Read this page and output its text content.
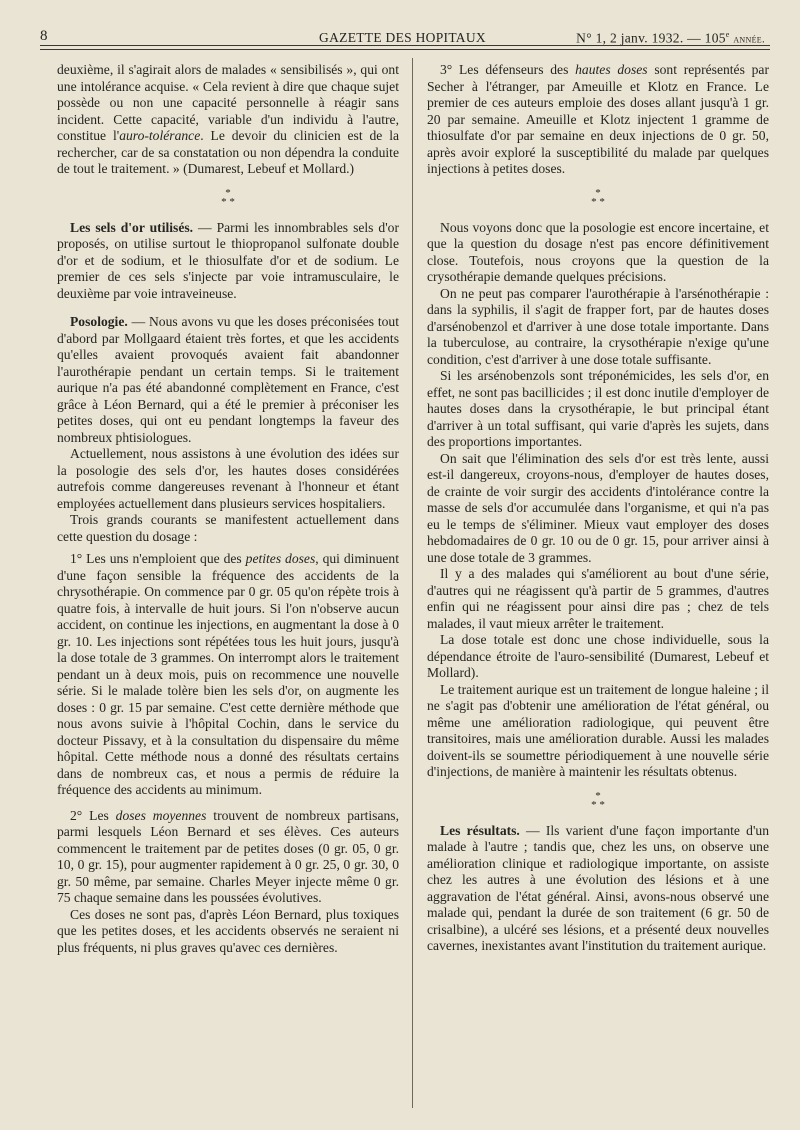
8	GAZETTE DES HOPITAUX	N° 1, 2 janv. 1932. — 105e année.

deuxième, il s'agirait alors de malades « sensibilisés », qui ont une intolérance acquise. « Cela revient à dire que chaque sujet possède ou non une capacité personnelle à réagir sans incident. Cette capacité, variable d'un individu à l'autre, constitue l'auro-tolérance. Le devoir du clinicien est de la rechercher, car de sa constatation ou non dépendra la conduite de tout le traitement. » (Dumarest, Lebeuf et Mollard.)

*
* *

Les sels d'or utilisés. — Parmi les innombrables sels d'or proposés, on utilise surtout le thiopropanol sulfonate double d'or et de sodium, et le thiosulfate d'or et de sodium. Le premier de ces sels s'injecte par voie intramusculaire, le deuxième par voie intraveineuse.

Posologie. — Nous avons vu que les doses préconisées tout d'abord par Mollgaard étaient très fortes, et que les accidents qu'elles avaient provoqués avaient fait abandonner l'aurothérapie pendant un certain temps. Si le traitement aurique n'a pas été abandonné complètement en France, c'est grâce à Léon Bernard, qui a été le premier à préconiser les petites doses, qui ont eu pendant longtemps la faveur des nombreux phtisiologues.

Actuellement, nous assistons à une évolution des idées sur la posologie des sels d'or, les hautes doses considérées autrefois comme dangereuses revenant à l'honneur et étant employées actuellement dans plusieurs services hospitaliers.

Trois grands courants se manifestent actuellement dans cette question du dosage :

1° Les uns n'emploient que des petites doses, qui diminuent d'une façon sensible la fréquence des accidents de la chrysothérapie. On commence par 0 gr. 05 qu'on répète trois à quatre fois, à intervalle de huit jours. Si l'on n'observe aucun accident, on continue les injections, en augmentant la dose à 0 gr. 10. Les injections sont répétées tous les huit jours, jusqu'à la dose totale de 3 grammes. On interrompt alors le traitement pendant un à deux mois, puis on recommence une nouvelle série. Si le malade tolère bien les sels d'or, on augmente les doses : 0 gr. 15 par semaine. C'est cette dernière méthode que nous avons suivie à l'hôpital Cochin, dans le service du docteur Pissavy, et à la consultation du dispensaire du même hôpital. Cette méthode nous a donné des résultats certains dans de nombreux cas, et nous a permis de réduire la fréquence des accidents au minimum.

2° Les doses moyennes trouvent de nombreux partisans, parmi lesquels Léon Bernard et ses élèves. Ces auteurs commencent le traitement par de petites doses (0 gr. 05, 0 gr. 10, 0 gr. 15), pour augmenter rapidement à 0 gr. 25, 0 gr. 30, 0 gr. 50 même, par semaine. Charles Meyer injecte même 0 gr. 75 chaque semaine dans les poussées évolutives.

Ces doses ne sont pas, d'après Léon Bernard, plus toxiques que les petites doses, et les accidents observés ne seraient ni plus fréquents, ni plus graves qu'avec ces dernières.

3° Les défenseurs des hautes doses sont représentés par Secher à l'étranger, par Ameuille et Klotz en France. Le premier de ces auteurs emploie des doses allant jusqu'à 1 gr. 20 par semaine. Ameuille et Klotz injectent 1 gramme de thiosulfate d'or par semaine en deux injections de 0 gr. 50, après avoir exploré la susceptibilité du malade par quelques injections à petites doses.

*
* *

Nous voyons donc que la posologie est encore incertaine, et que la question du dosage n'est pas encore définitivement close. Toutefois, nous croyons que la question de la crysothérapie demande quelques précisions.

On ne peut pas comparer l'aurothérapie à l'arsénothérapie : dans la syphilis, il s'agit de frapper fort, par de hautes doses d'arsénobenzol et d'arriver à une dose totale importante. Dans la tuberculose, au contraire, la crysothérapie n'exige qu'une condition, c'est d'arriver à une dose totale suffisante.

Si les arsénobenzols sont tréponémicides, les sels d'or, en effet, ne sont pas bacillicides ; il est donc inutile d'employer de hautes doses dans la crysothérapie, le but principal étant d'arriver à un total suffisant, qui varie d'après les sujets, dans des proportions importantes.

On sait que l'élimination des sels d'or est très lente, aussi est-il dangereux, croyons-nous, d'employer de hautes doses, de crainte de voir surgir des accidents d'intolérance contre la masse de sels d'or accumulée dans l'organisme, et qui n'a pas eu le temps de s'éliminer. Mieux vaut employer des doses hebdomadaires de 0 gr. 10 ou de 0 gr. 15, pour arriver ainsi à une dose totale de 3 grammes.

Il y a des malades qui s'améliorent au bout d'une série, d'autres qui ne réagissent qu'à partir de 5 grammes, d'autres enfin qui ne réagissent pour ainsi dire pas ; chez de tels malades, il vaut mieux arrêter le traitement.

La dose totale est donc une chose individuelle, sous la dépendance étroite de l'auro-sensibilité (Dumarest, Lebeuf et Mollard).

Le traitement aurique est un traitement de longue haleine ; il ne s'agit pas d'obtenir une amélioration de l'état général, ou même une amélioration radiologique, qui peuvent être transitoires, mais une amélioration durable. Aussi les malades doivent-ils se soumettre périodiquement à une nouvelle série d'injections, de manière à maintenir les résultats obtenus.

*
* *

Les résultats. — Ils varient d'une façon importante d'un malade à l'autre ; tandis que, chez les uns, on observe une amélioration clinique et radiologique importante, on assiste chez les autres à une évolution des lésions et à une aggravation de l'état général. Ainsi, avons-nous observé une malade qui, pendant la durée de son traitement (6 gr. 50 de crisalbine), a ulcéré ses lésions, et a présenté deux nouvelles cavernes, inexistantes avant l'institution du traitement aurique.
